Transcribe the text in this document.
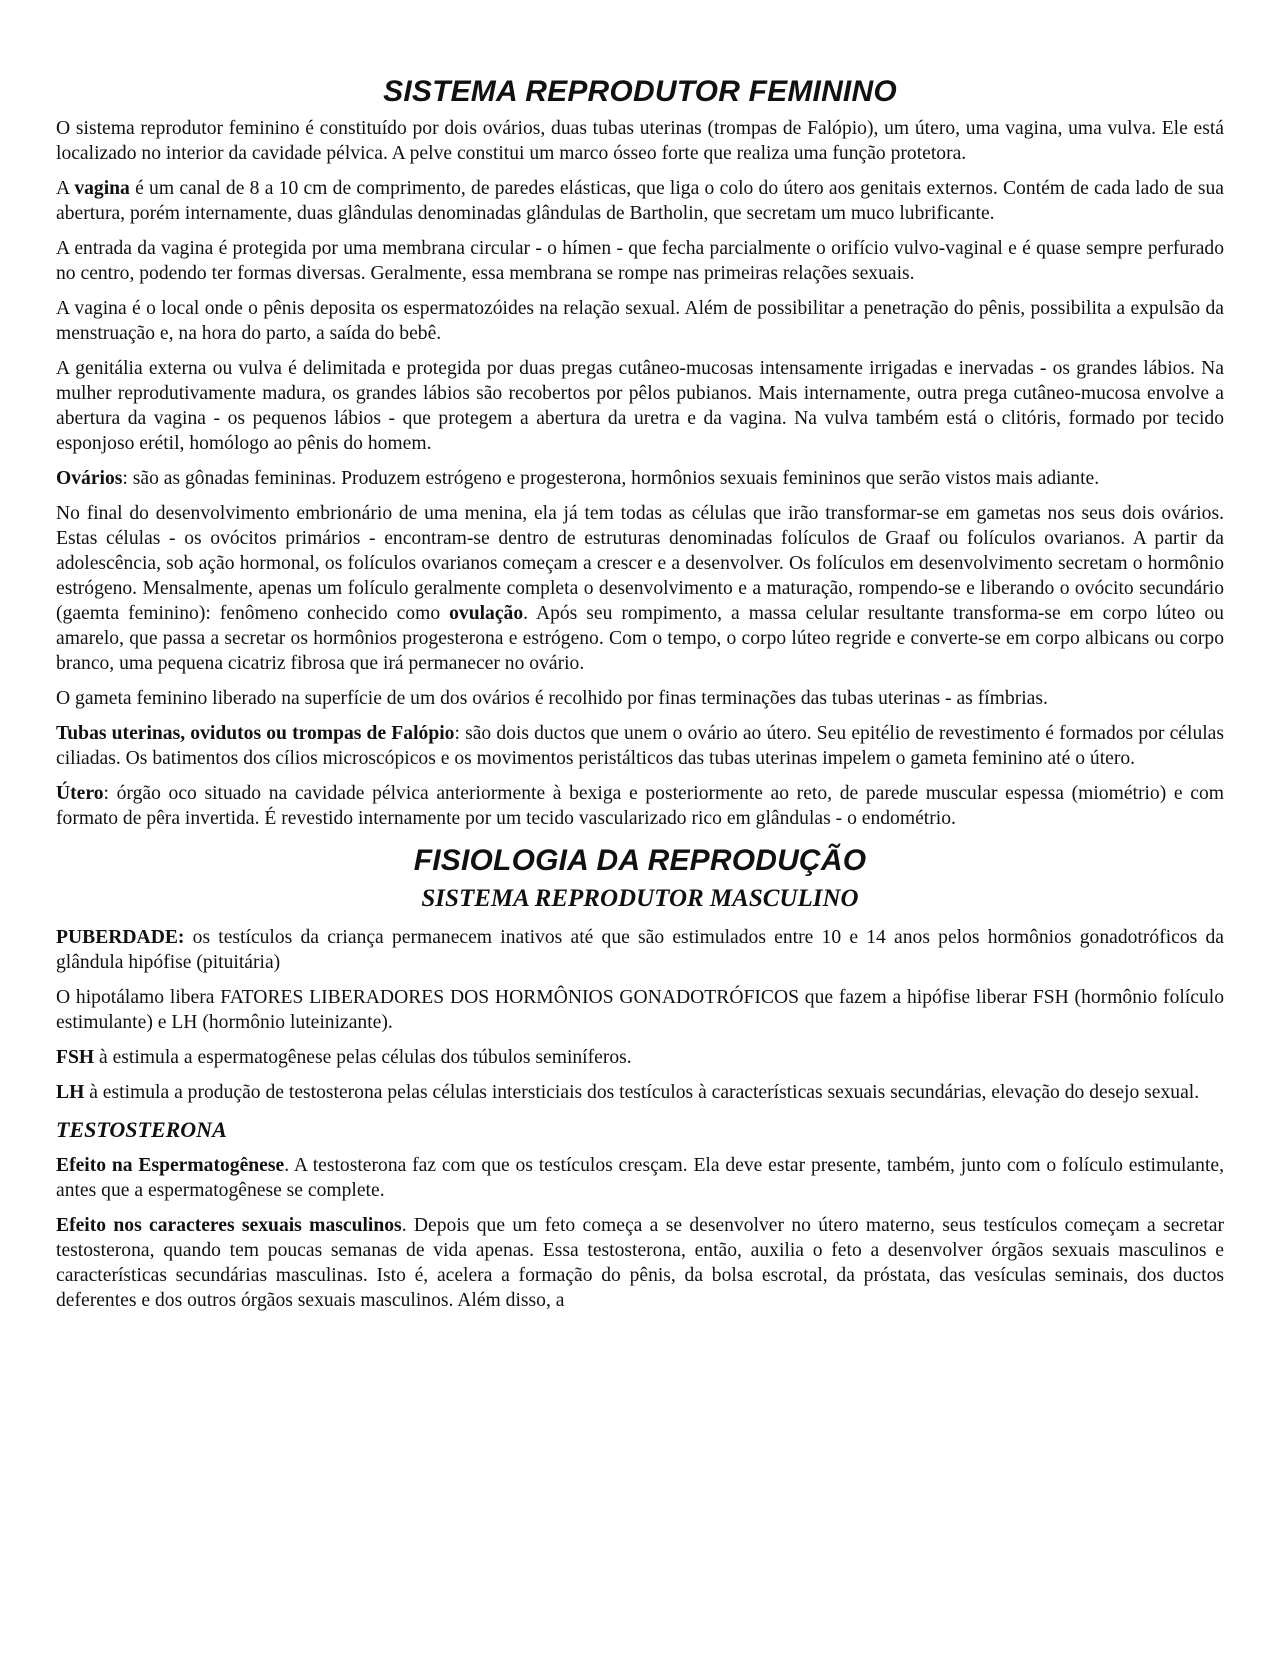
SISTEMA REPRODUTOR FEMININO

O sistema reprodutor feminino é constituído por dois ovários, duas tubas uterinas (trompas de Falópio), um útero, uma vagina, uma vulva. Ele está localizado no interior da cavidade pélvica. A pelve constitui um marco ósseo forte que realiza uma função protetora.

A vagina é um canal de 8 a 10 cm de comprimento, de paredes elásticas, que liga o colo do útero aos genitais externos. Contém de cada lado de sua abertura, porém internamente, duas glândulas denominadas glândulas de Bartholin, que secretam um muco lubrificante.

A entrada da vagina é protegida por uma membrana circular - o hímen - que fecha parcialmente o orifício vulvo-vaginal e é quase sempre perfurado no centro, podendo ter formas diversas. Geralmente, essa membrana se rompe nas primeiras relações sexuais.

A vagina é o local onde o pênis deposita os espermatozóides na relação sexual. Além de possibilitar a penetração do pênis, possibilita a expulsão da menstruação e, na hora do parto, a saída do bebê.

A genitália externa ou vulva é delimitada e protegida por duas pregas cutâneo-mucosas intensamente irrigadas e inervadas - os grandes lábios. Na mulher reprodutivamente madura, os grandes lábios são recobertos por pêlos pubianos. Mais internamente, outra prega cutâneo-mucosa envolve a abertura da vagina - os pequenos lábios - que protegem a abertura da uretra e da vagina. Na vulva também está o clitóris, formado por tecido esponjoso erétil, homólogo ao pênis do homem.

Ovários: são as gônadas femininas. Produzem estrógeno e progesterona, hormônios sexuais femininos que serão vistos mais adiante.

No final do desenvolvimento embrionário de uma menina, ela já tem todas as células que irão transformar-se em gametas nos seus dois ovários. Estas células - os ovócitos primários - encontram-se dentro de estruturas denominadas folículos de Graaf ou folículos ovarianos. A partir da adolescência, sob ação hormonal, os folículos ovarianos começam a crescer e a desenvolver. Os folículos em desenvolvimento secretam o hormônio estrógeno. Mensalmente, apenas um folículo geralmente completa o desenvolvimento e a maturação, rompendo-se e liberando o ovócito secundário (gaemta feminino): fenômeno conhecido como ovulação. Após seu rompimento, a massa celular resultante transforma-se em corpo lúteo ou amarelo, que passa a secretar os hormônios progesterona e estrógeno. Com o tempo, o corpo lúteo regride e converte-se em corpo albicans ou corpo branco, uma pequena cicatriz fibrosa que irá permanecer no ovário.

O gameta feminino liberado na superfície de um dos ovários é recolhido por finas terminações das tubas uterinas - as fímbrias.

Tubas uterinas, ovidutos ou trompas de Falópio: são dois ductos que unem o ovário ao útero. Seu epitélio de revestimento é formados por células ciliadas. Os batimentos dos cílios microscópicos e os movimentos peristálticos das tubas uterinas impelem o gameta feminino até o útero.

Útero: órgão oco situado na cavidade pélvica anteriormente à bexiga e posteriormente ao reto, de parede muscular espessa (miométrio) e com formato de pêra invertida. É revestido internamente por um tecido vascularizado rico em glândulas - o endométrio.

FISIOLOGIA DA REPRODUÇÃO
SISTEMA REPRODUTOR MASCULINO

PUBERDADE: os testículos da criança permanecem inativos até que são estimulados entre 10 e 14 anos pelos hormônios gonadotróficos da glândula hipófise (pituitária)

O hipotálamo libera FATORES LIBERADORES DOS HORMÔNIOS GONADOTRÓFICOS que fazem a hipófise liberar FSH (hormônio folículo estimulante) e LH (hormônio luteinizante).

FSH à estimula a espermatogênese pelas células dos túbulos seminíferos.

LH à estimula a produção de testosterona pelas células intersticiais dos testículos à características sexuais secundárias, elevação do desejo sexual.

TESTOSTERONA

Efeito na Espermatogênese. A testosterona faz com que os testículos cresçam. Ela deve estar presente, também, junto com o folículo estimulante, antes que a espermatogênese se complete.

Efeito nos caracteres sexuais masculinos. Depois que um feto começa a se desenvolver no útero materno, seus testículos começam a secretar testosterona, quando tem poucas semanas de vida apenas. Essa testosterona, então, auxilia o feto a desenvolver órgãos sexuais masculinos e características secundárias masculinas. Isto é, acelera a formação do pênis, da bolsa escrotal, da próstata, das vesículas seminais, dos ductos deferentes e dos outros órgãos sexuais masculinos. Além disso, a
